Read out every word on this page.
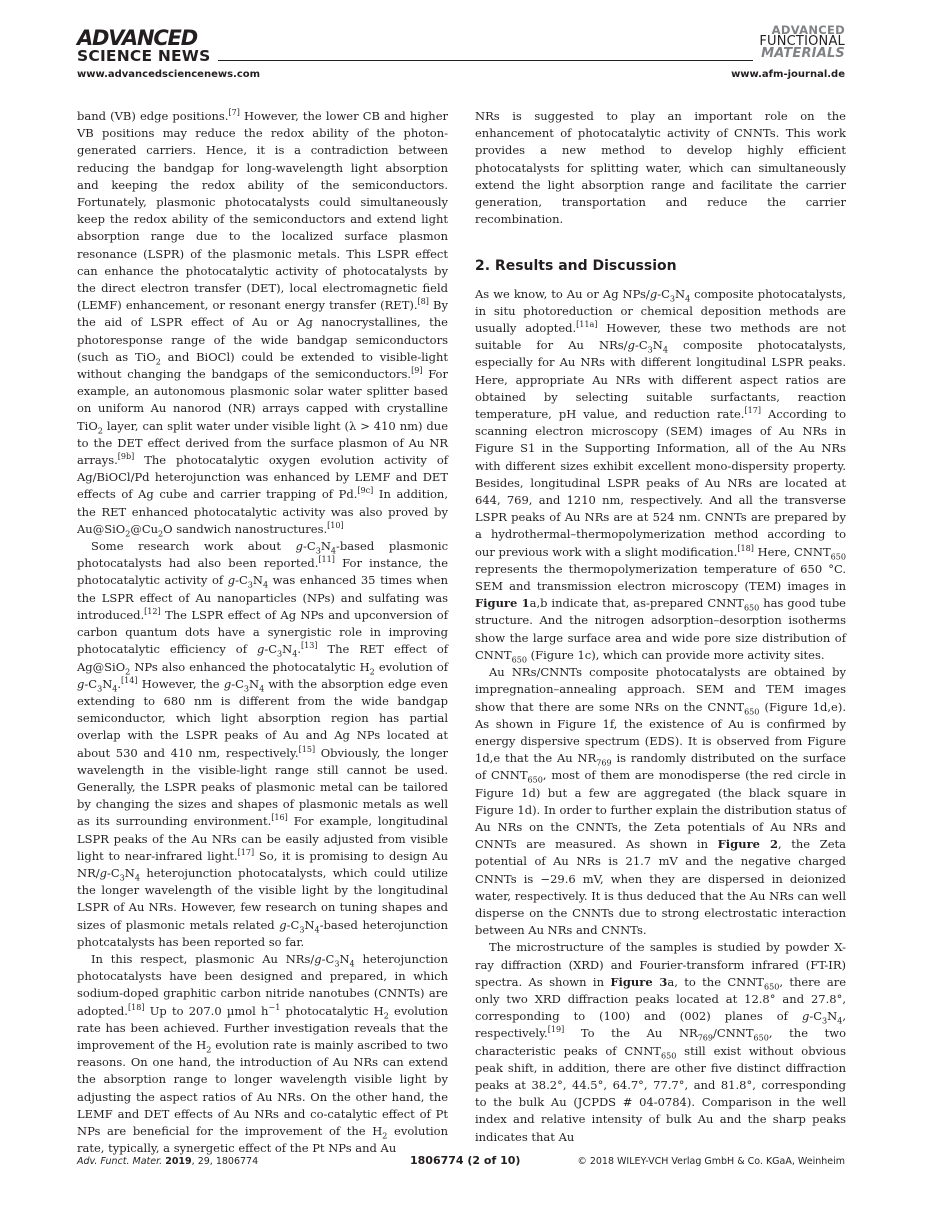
ADVANCED
SCIENCE NEWS
ADVANCED
FUNCTIONAL
MATERIALS
www.advancedsciencenews.com	www.afm-journal.de

band (VB) edge positions.[7] However, the lower CB and higher VB positions may reduce the redox ability of the photon-generated carriers. Hence, it is a contradiction between reducing the bandgap for long-wavelength light absorption and keeping the redox ability of the semiconductors. Fortunately, plasmonic photocatalysts could simultaneously keep the redox ability of the semiconductors and extend light absorption range due to the localized surface plasmon resonance (LSPR) of the plasmonic metals. This LSPR effect can enhance the photocatalytic activity of photocatalysts by the direct electron transfer (DET), local electromagnetic field (LEMF) enhancement, or resonant energy transfer (RET).[8] By the aid of LSPR effect of Au or Ag nanocrystallines, the photoresponse range of the wide bandgap semiconductors (such as TiO$_2$ and BiOCl) could be extended to visible-light without changing the bandgaps of the semiconductors.[9] For example, an autonomous plasmonic solar water splitter based on uniform Au nanorod (NR) arrays capped with crystalline TiO$_2$ layer, can split water under visible light (λ > 410 nm) due to the DET effect derived from the surface plasmon of Au NR arrays.[9b] The photocatalytic oxygen evolution activity of Ag/BiOCl/Pd heterojunction was enhanced by LEMF and DET effects of Ag cube and carrier trapping of Pd.[9c] In addition, the RET enhanced photocatalytic activity was also proved by $Au@SiO_2@Cu_2O$ sandwich nanostructures.[10]

Some research work about $g-C_3N_4$-based plasmonic photocatalysts had also been reported.[11] For instance, the photocatalytic activity of $g-C_3N_4$ was enhanced 35 times when the LSPR effect of Au nanoparticles (NPs) and sulfating was introduced.[12] The LSPR effect of Ag NPs and upconversion of carbon quantum dots have a synergistic role in improving photocatalytic efficiency of $g-C_3N_4.[13]$ The RET effect of Ag@SiO$_2$ NPs also enhanced the photocatalytic $H_2$ evolution of $g-C_3N_4.[14]$ However, the $g-C_3N_4$ with the absorption edge even extending to 680 nm is different from the wide bandgap semiconductor, which light absorption region has partial overlap with the LSPR peaks of Au and Ag NPs located at about 530 and 410 nm, respectively.[15] Obviously, the longer wavelength in the visible-light range still cannot be used. Generally, the LSPR peaks of plasmonic metal can be tailored by changing the sizes and shapes of plasmonic metals as well as its surrounding environment.[16] For example, longitudinal LSPR peaks of the Au NRs can be easily adjusted from visible light to near-infrared light.[17] So, it is promising to design Au $NR/g-C_3N_4$ heterojunction photocatalysts, which could utilize the longer wavelength of the visible light by the longitudinal LSPR of Au NRs. However, few research on tuning shapes and sizes of plasmonic metals related $g-C_3N_4$-based heterojunction photcatalysts has been reported so far.

In this respect, plasmonic Au NRs/$g-C_3N_4$ heterojunction photocatalysts have been designed and prepared, in which sodium-doped graphitic carbon nitride nanotubes (CNNTs) are adopted.[18] Up to 207.0 µmol $h^{-1}$ photocatalytic $H_2$ evolution rate has been achieved. Further investigation reveals that the improvement of the $H_2$ evolution rate is mainly ascribed to two reasons. On one hand, the introduction of Au NRs can extend the absorption range to longer wavelength visible light by adjusting the aspect ratios of Au NRs. On the other hand, the LEMF and DET effects of Au NRs and co-catalytic effect of Pt NPs are beneficial for the improvement of the $H_2$ evolution rate, typically, a synergetic effect of the Pt NPs and Au

NRs is suggested to play an important role on the enhancement of photocatalytic activity of CNNTs. This work provides a new method to develop highly efficient photocatalysts for splitting water, which can simultaneously extend the light absorption range and facilitate the carrier generation, transportation and reduce the carrier recombination.

2. Results and Discussion

As we know, to Au or Ag NPs/$g-C_3N_4$ composite photocatalysts, in situ photoreduction or chemical deposition methods are usually adopted.[11a] However, these two methods are not suitable for Au NRs/$g-C_3N_4$ composite photocatalysts, especially for Au NRs with different longitudinal LSPR peaks. Here, appropriate Au NRs with different aspect ratios are obtained by selecting suitable surfactants, reaction temperature, pH value, and reduction rate.[17] According to scanning electron microscopy (SEM) images of Au NRs in Figure S1 in the Supporting Information, all of the Au NRs with different sizes exhibit excellent mono-dispersity property. Besides, longitudinal LSPR peaks of Au NRs are located at 644, 769, and 1210 nm, respectively. And all the transverse LSPR peaks of Au NRs are at 524 nm. CNNTs are prepared by a hydrothermal–thermopolymerization method according to our previous work with a slight modification.[18] Here, $CNNT_{650}$ represents the thermopolymerization temperature of 650 °C. SEM and transmission electron microscopy (TEM) images in Figure 1a,b indicate that, as-prepared $CNNT_{650}$ has good tube structure. And the nitrogen adsorption–desorption isotherms show the large surface area and wide pore size distribution of $CNNT_{650}$ (Figure 1c), which can provide more activity sites.

Au NRs/CNNTs composite photocatalysts are obtained by impregnation–annealing approach. SEM and TEM images show that there are some NRs on the $CNNT_{650}$ (Figure 1d,e). As shown in Figure 1f, the existence of Au is confirmed by energy dispersive spectrum (EDS). It is observed from Figure 1d,e that the Au $NR_{769}$ is randomly distributed on the surface of $CNNT_{650}$, most of them are monodisperse (the red circle in Figure 1d) but a few are aggregated (the black square in Figure 1d). In order to further explain the distribution status of Au NRs on the CNNTs, the Zeta potentials of Au NRs and CNNTs are measured. As shown in Figure 2, the Zeta potential of Au NRs is 21.7 mV and the negative charged CNNTs is −29.6 mV, when they are dispersed in deionized water, respectively. It is thus deduced that the Au NRs can well disperse on the CNNTs due to strong electrostatic interaction between Au NRs and CNNTs.

The microstructure of the samples is studied by powder X-ray diffraction (XRD) and Fourier-transform infrared (FT-IR) spectra. As shown in Figure 3a, to the $CNNT_{650}$, there are only two XRD diffraction peaks located at 12.8° and 27.8°, corresponding to (100) and (002) planes of $g-C_3N_4$, respectively.[19] To the Au $NR_{769}/CNNT_{650}$, the two characteristic peaks of $CNNT_{650}$ still exist without obvious peak shift, in addition, there are other five distinct diffraction peaks at 38.2°, 44.5°, 64.7°, 77.7°, and 81.8°, corresponding to the bulk Au (JCPDS # 04-0784). Comparison in the well index and relative intensity of bulk Au and the sharp peaks indicates that Au

Adv. Funct. Mater. 2019, 29, 1806774	1806774 (2 of 10)	© 2018 WILEY-VCH Verlag GmbH & Co. KGaA, Weinheim
